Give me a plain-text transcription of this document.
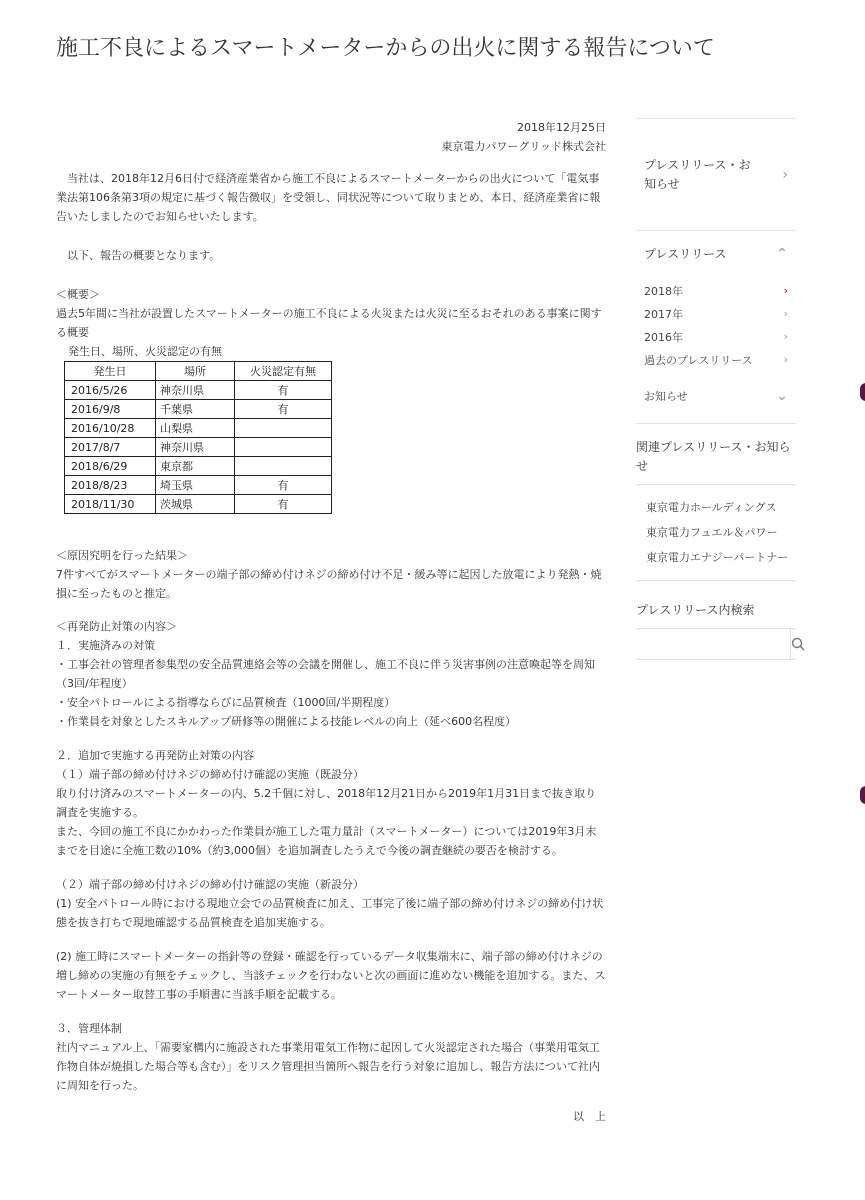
施工不良によるスマートメーターからの出火に関する報告について
2018年12月25日
東京電力パワーグリッド株式会社

　当社は、2018年12月6日付で経済産業省から施工不良によるスマートメーターからの出火について「電気事業法第106条第3項の規定に基づく報告徴収」を受領し、同状況等について取りまとめ、本日、経済産業省に報告いたしましたのでお知らせいたします。

　以下、報告の概要となります。

＜概要＞

過去5年間に当社が設置したスマートメーターの施工不良による火災または火災に至るおそれのある事案に関する概要

発生日、場所、火災認定の有無
発生日	場所	火災認定有無
2016/5/26	神奈川県	有
2016/9/8	千葉県	有
2016/10/28	山梨県	
2017/8/7	神奈川県	
2018/6/29	東京都	
2018/8/23	埼玉県	有
2018/11/30	茨城県	有

＜原因究明を行った結果＞

7件すべてがスマートメーターの端子部の締め付けネジの締め付け不足・緩み等に起因した放電により発熱・焼損に至ったものと推定。

＜再発防止対策の内容＞

１．実施済みの対策

・工事会社の管理者参集型の安全品質連絡会等の会議を開催し、施工不良に伴う災害事例の注意喚起等を周知（3回/年程度）

・安全パトロールによる指導ならびに品質検査（1000回/半期程度）

・作業員を対象としたスキルアップ研修等の開催による技能レベルの向上（延べ600名程度）

２．追加で実施する再発防止対策の内容

（１）端子部の締め付けネジの締め付け確認の実施（既設分）

取り付け済みのスマートメーターの内、5.2千個に対し、2018年12月21日から2019年1月31日まで抜き取り調査を実施する。

また、今回の施工不良にかかわった作業員が施工した電力量計（スマートメーター）については2019年3月末までを目途に全施工数の10%（約3,000個）を追加調査したうえで今後の調査継続の要否を検討する。

（２）端子部の締め付けネジの締め付け確認の実施（新設分）

(1) 安全パトロール時における現地立会での品質検査に加え、工事完了後に端子部の締め付けネジの締め付け状態を抜き打ちで現地確認する品質検査を追加実施する。

(2) 施工時にスマートメーターの指針等の登録・確認を行っているデータ収集端末に、端子部の締め付けネジの増し締めの実施の有無をチェックし、当該チェックを行わないと次の画面に進めない機能を追加する。また、スマートメーター取替工事の手順書に当該手順を記載する。

３．管理体制

社内マニュアル上、「需要家構内に施設された事業用電気工作物に起因して火災認定された場合（事業用電気工作物自体が焼損した場合等も含む）」をリスク管理担当箇所へ報告を行う対象に追加し、報告方法について社内に周知を行った。

以　上
プレスリリース・お知らせ
›
プレスリリース	⌃
2018年	›
2017年	›
2016年	›
過去のプレスリリース	›
お知らせ	⌄
関連プレスリリース・お知らせ
東京電力ホールディングス
東京電力フュエル＆パワー
東京電力エナジーパートナー
プレスリリース内検索
